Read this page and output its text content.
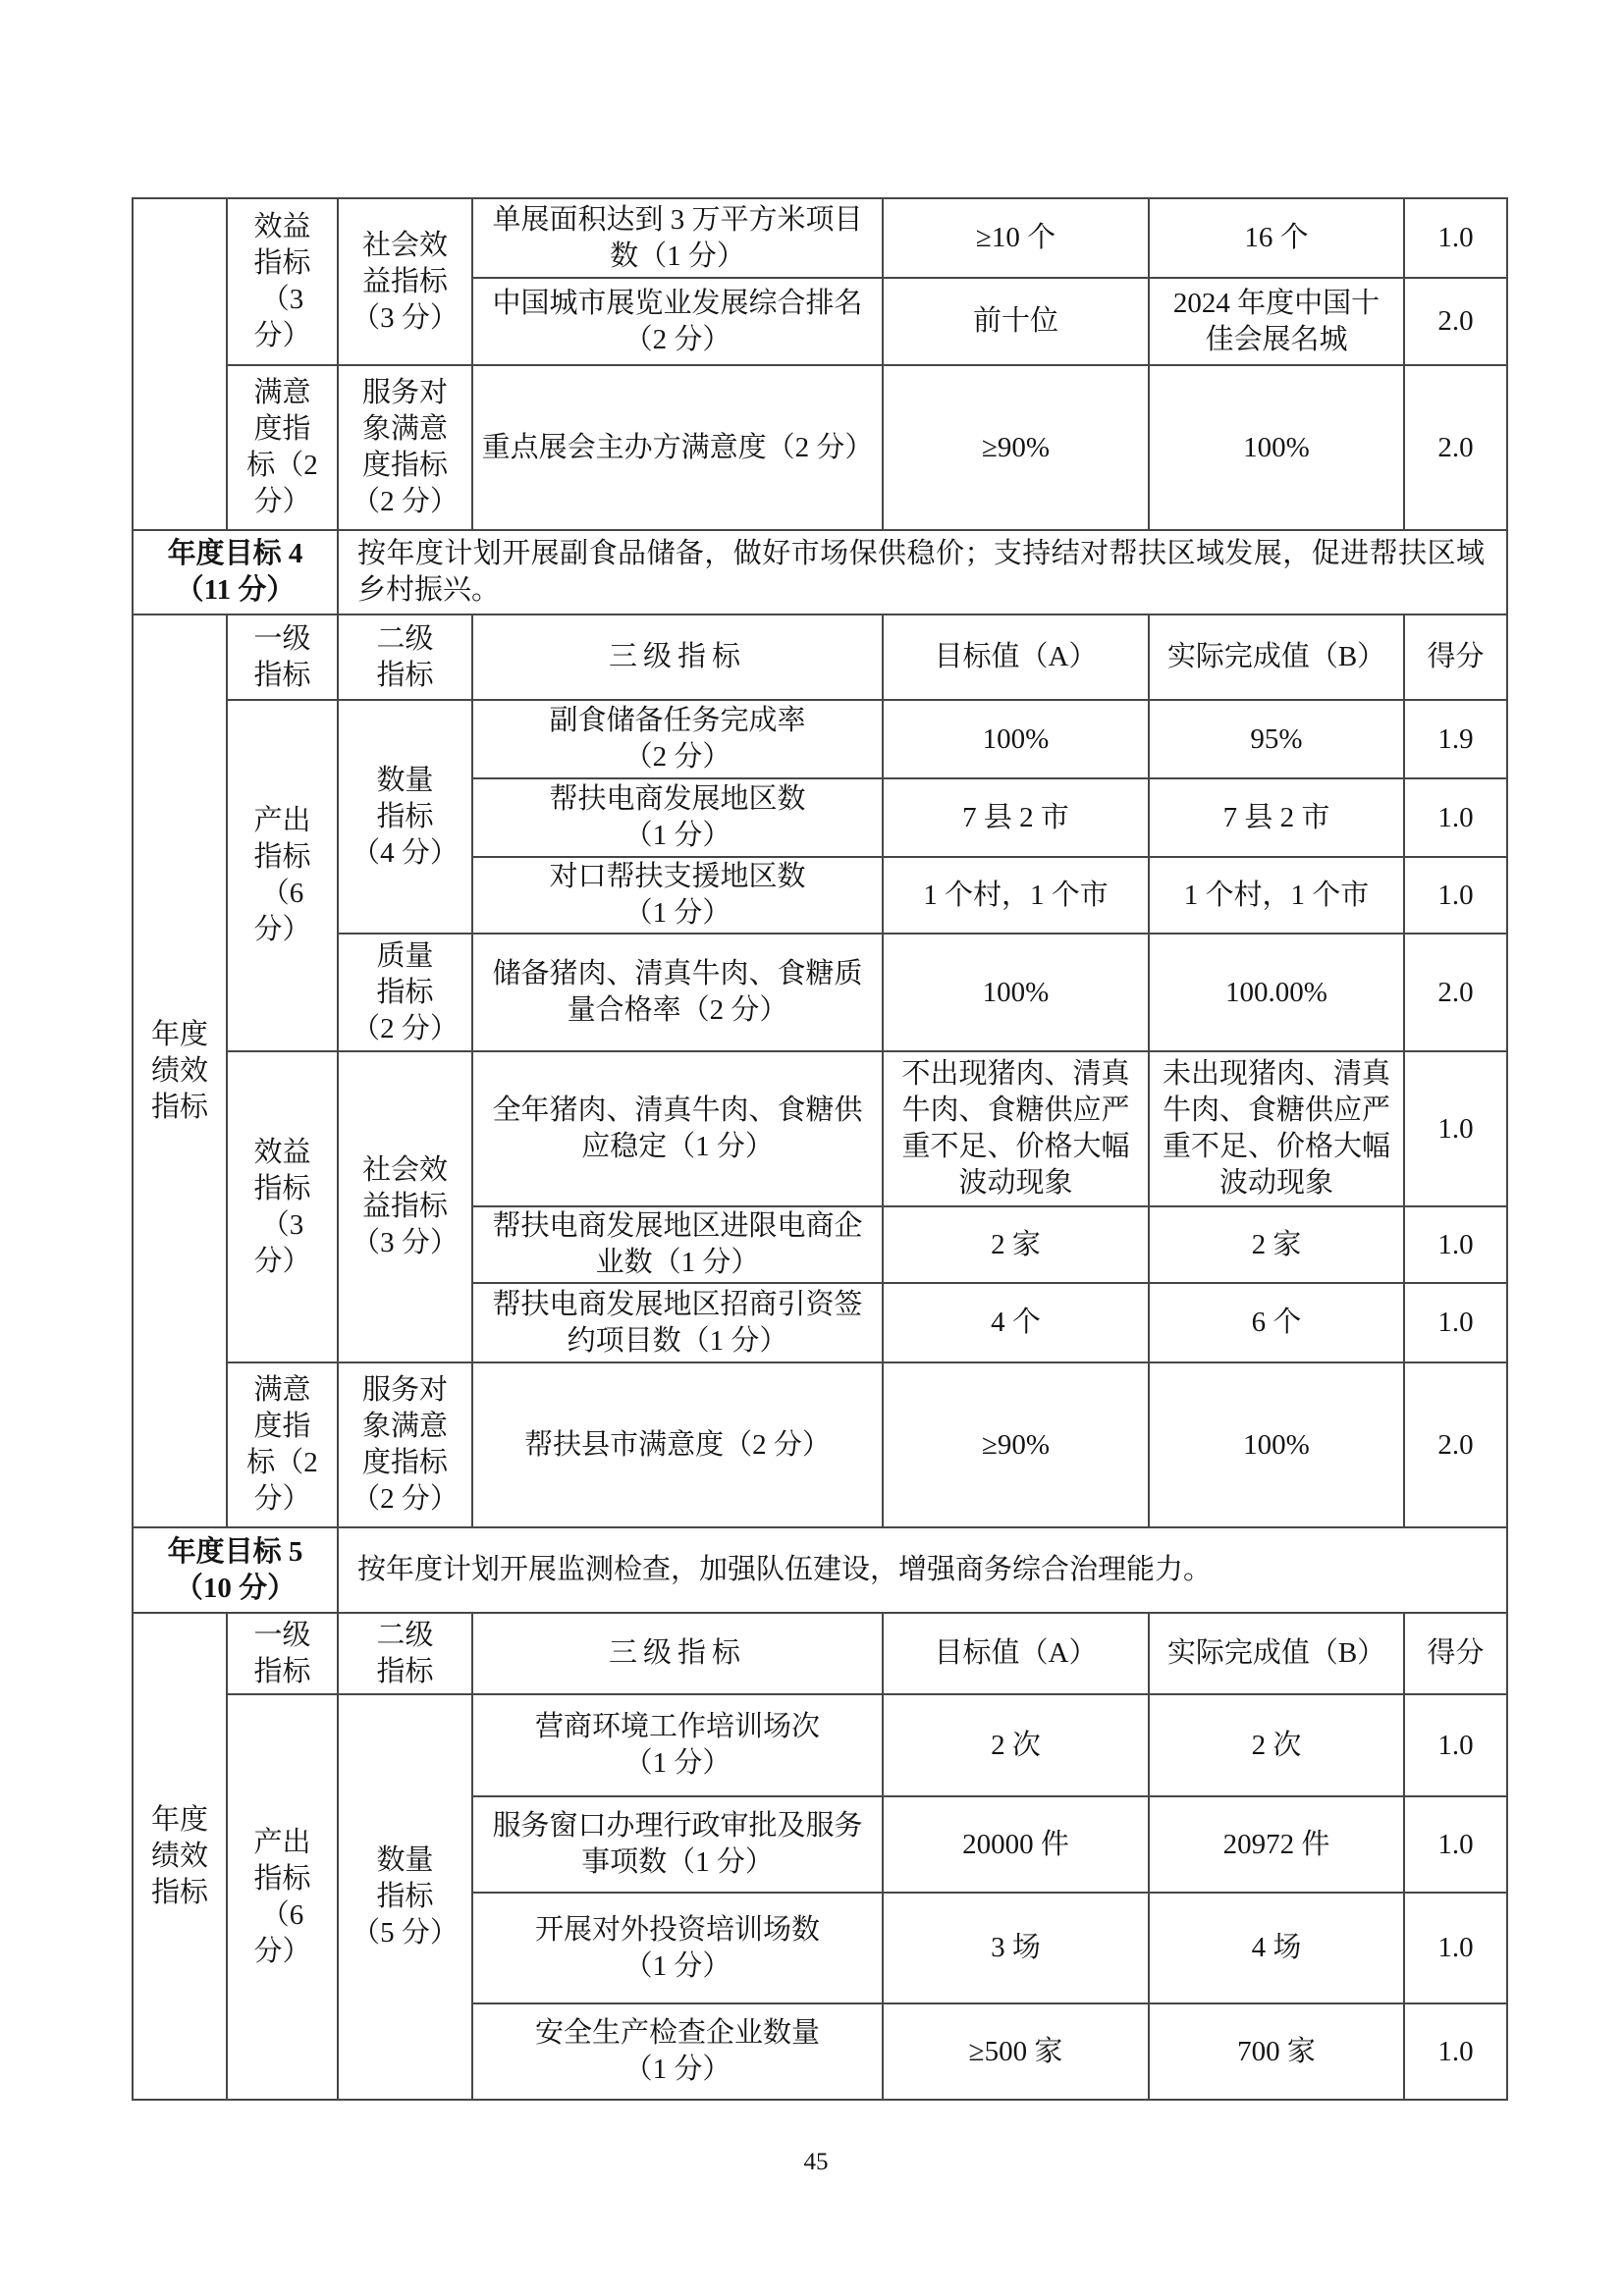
	效益
指标
（3
分）	社会效
益指标
（3 分）	单展面积达到 3 万平方米项目
数（1 分）	≥10 个	16 个	1.0
			中国城市展览业发展综合排名
（2 分）	前十位	2024 年度中国十
佳会展名城	2.0
	满意
度指
标（2
分）	服务对
象满意
度指标
（2 分）	重点展会主办方满意度（2 分）	≥90%	100%	2.0
年度目标 4
（11 分）		按年度计划开展副食品储备，做好市场保供稳价；支持结对帮扶区域发展，促进帮扶区域乡村振兴。				

年度
绩效
指标	一级
指标	二级
指标	三级指标	目标值（A）	实际完成值（B）	得分
	产出
指标
（6
分）	数量
指标
（4 分）	副食储备任务完成率
（2 分）	100%	95%	1.9
			帮扶电商发展地区数
（1 分）	7 县 2 市	7 县 2 市	1.0
			对口帮扶支援地区数
（1 分）	1 个村，1 个市	1 个村，1 个市	1.0
		质量
指标
（2 分）	储备猪肉、清真牛肉、食糖质
量合格率（2 分）	100%	100.00%	2.0
	效益
指标
（3
分）	社会效
益指标
（3 分）	全年猪肉、清真牛肉、食糖供
应稳定（1 分）	不出现猪肉、清真
牛肉、食糖供应严
重不足、价格大幅
波动现象	未出现猪肉、清真
牛肉、食糖供应严
重不足、价格大幅
波动现象	1.0
			帮扶电商发展地区进限电商企
业数（1 分）	2 家	2 家	1.0
			帮扶电商发展地区招商引资签
约项目数（1 分）	4 个	6 个	1.0
	满意
度指
标（2
分）	服务对
象满意
度指标
（2 分）	帮扶县市满意度（2 分）	≥90%	100%	2.0
年度目标 5
（10 分）		按年度计划开展监测检查，加强队伍建设，增强商务综合治理能力。				

年度
绩效
指标	一级
指标	二级
指标	三级指标	目标值（A）	实际完成值（B）	得分
	产出
指标
（6
分）	数量
指标
（5 分）	营商环境工作培训场次
（1 分）	2 次	2 次	1.0
			服务窗口办理行政审批及服务
事项数（1 分）	20000 件	20972 件	1.0
			开展对外投资培训场数
（1 分）	3 场	4 场	1.0
			安全生产检查企业数量
（1 分）	≥500 家	700 家	1.0
45
